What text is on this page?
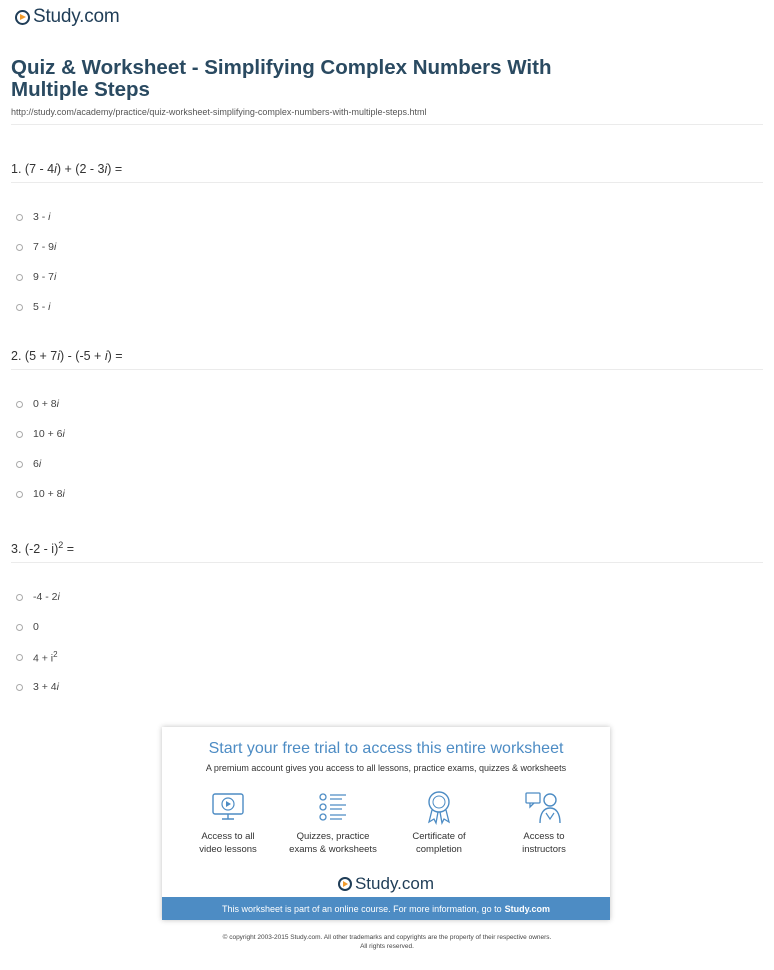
Study.com
Quiz & Worksheet - Simplifying Complex Numbers With Multiple Steps
http://study.com/academy/practice/quiz-worksheet-simplifying-complex-numbers-with-multiple-steps.html
1. (7 - 4i) + (2 - 3i) =
3 - i
7 - 9i
9 - 7i
5 - i
2. (5 + 7i) - (-5 + i) =
0 + 8i
10 + 6i
6i
10 + 8i
3. (-2 - i)$^2$ =
-4 - 2i
0
$4 + i^2$
3 + 4i
Start your free trial to access this entire worksheet
A premium account gives you access to all lessons, practice exams, quizzes & worksheets
Access to all
video lessons
Quizzes, practice
exams & worksheets
Certificate of
completion
Access to
instructors
Study.com
This worksheet is part of an online course. For more information, go to Study.com
© copyright 2003-2015 Study.com. All other trademarks and copyrights are the property of their respective owners.
All rights reserved.
